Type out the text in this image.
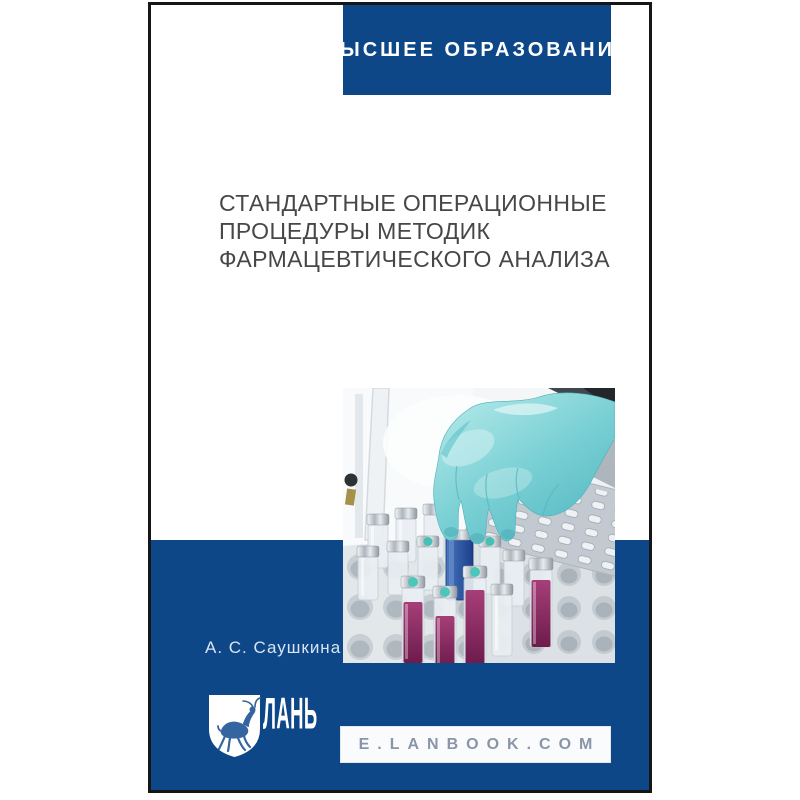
ВЫСШЕЕ ОБРАЗОВАНИЕ
СТАНДАРТНЫЕ ОПЕРАЦИОННЫЕ
ПРОЦЕДУРЫ МЕТОДИК
ФАРМАЦЕВТИЧЕСКОГО АНАЛИЗА
А. С. Саушкина
ЛАНЬ
E.LANBOOK.COM
